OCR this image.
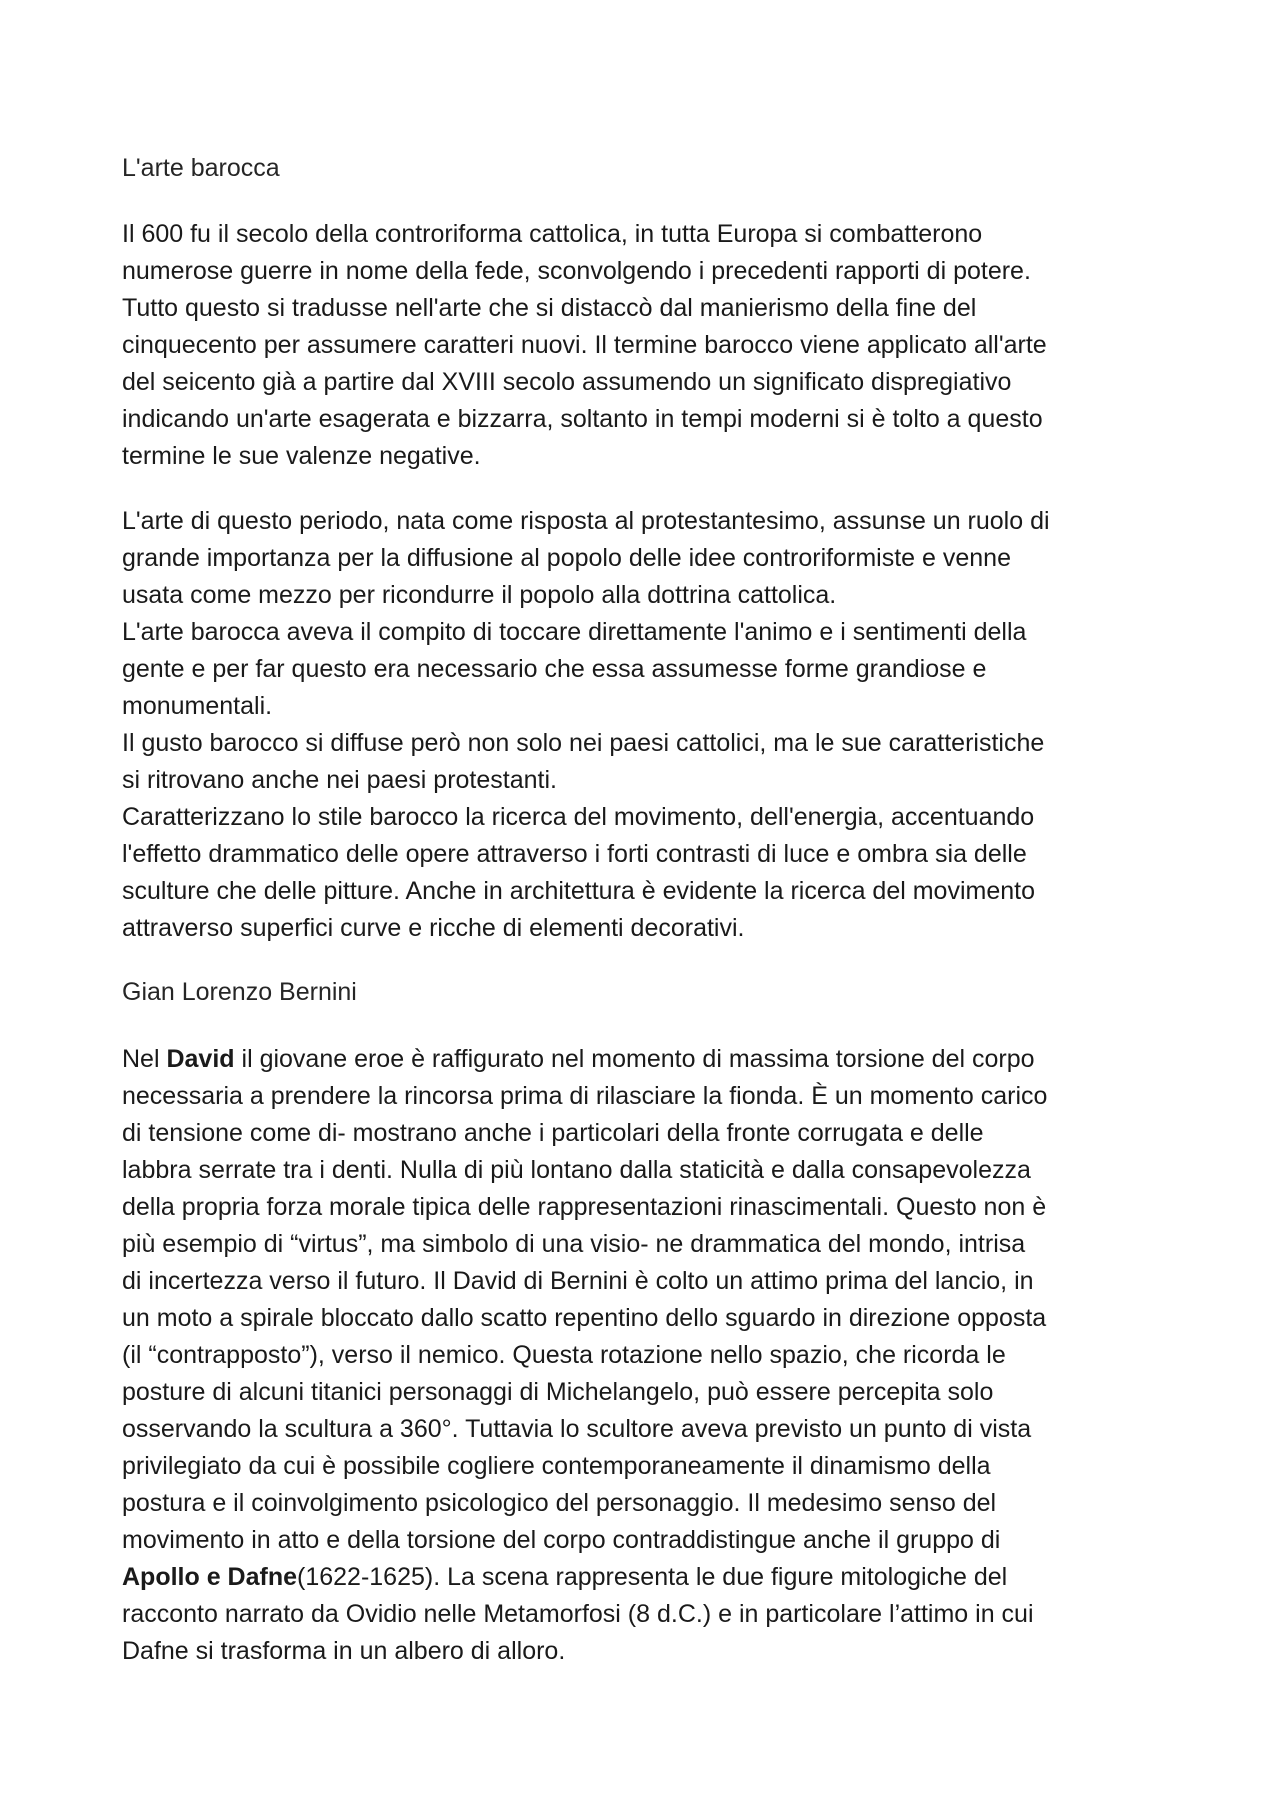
L'arte barocca

Il 600 fu il secolo della controriforma cattolica, in tutta Europa si combatterono
numerose guerre in nome della fede, sconvolgendo i precedenti rapporti di potere.
Tutto questo si tradusse nell'arte che si distaccò dal manierismo della fine del
cinquecento per assumere caratteri nuovi. Il termine barocco viene applicato all'arte
del seicento già a partire dal XVIII secolo assumendo un significato dispregiativo
indicando un'arte esagerata e bizzarra, soltanto in tempi moderni si è tolto a questo
termine le sue valenze negative.

L'arte di questo periodo, nata come risposta al protestantesimo, assunse un ruolo di
grande importanza per la diffusione al popolo delle idee controriformiste e venne
usata come mezzo per ricondurre il popolo alla dottrina cattolica.
L'arte barocca aveva il compito di toccare direttamente l'animo e i sentimenti della
gente e per far questo era necessario che essa assumesse forme grandiose e
monumentali.
Il gusto barocco si diffuse però non solo nei paesi cattolici, ma le sue caratteristiche
si ritrovano anche nei paesi protestanti.
Caratterizzano lo stile barocco la ricerca del movimento, dell'energia, accentuando
l'effetto drammatico delle opere attraverso i forti contrasti di luce e ombra sia delle
sculture che delle pitture. Anche in architettura è evidente la ricerca del movimento
attraverso superfici curve e ricche di elementi decorativi.

Gian Lorenzo Bernini

Nel David il giovane eroe è raffigurato nel momento di massima torsione del corpo
necessaria a prendere la rincorsa prima di rilasciare la fionda. È un momento carico
di tensione come di- mostrano anche i particolari della fronte corrugata e delle
labbra serrate tra i denti. Nulla di più lontano dalla staticità e dalla consapevolezza
della propria forza morale tipica delle rappresentazioni rinascimentali. Questo non è
più esempio di “virtus”, ma simbolo di una visio- ne drammatica del mondo, intrisa
di incertezza verso il futuro. Il David di Bernini è colto un attimo prima del lancio, in
un moto a spirale bloccato dallo scatto repentino dello sguardo in direzione opposta
(il “contrapposto”), verso il nemico. Questa rotazione nello spazio, che ricorda le
posture di alcuni titanici personaggi di Michelangelo, può essere percepita solo
osservando la scultura a 360°. Tuttavia lo scultore aveva previsto un punto di vista
privilegiato da cui è possibile cogliere contemporaneamente il dinamismo della
postura e il coinvolgimento psicologico del personaggio. Il medesimo senso del
movimento in atto e della torsione del corpo contraddistingue anche il gruppo di
Apollo e Dafne(1622-1625). La scena rappresenta le due figure mitologiche del
racconto narrato da Ovidio nelle Metamorfosi (8 d.C.) e in particolare l’attimo in cui
Dafne si trasforma in un albero di alloro.
